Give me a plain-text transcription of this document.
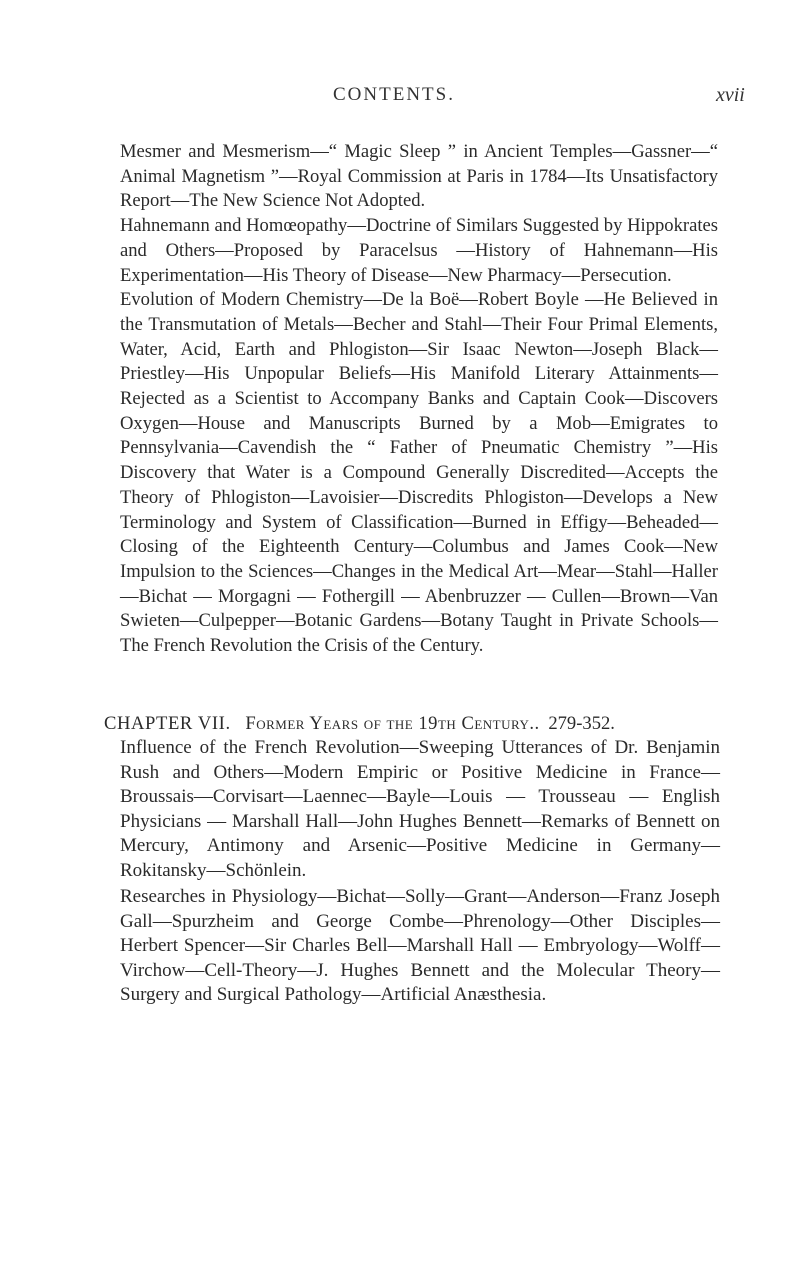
CONTENTS.	xvii

Mesmer and Mesmerism—“ Magic Sleep ” in Ancient Temples—Gassner—“ Animal Magnetism ”—Royal Commission at Paris in 1784—Its Unsatisfactory Report—The New Science Not Adopted.

Hahnemann and Homœopathy—Doctrine of Similars Suggested by Hippokrates and Others—Proposed by Paracelsus —History of Hahnemann—His Experimentation—His Theory of Disease—New Pharmacy—Persecution.

Evolution of Modern Chemistry—De la Boë—Robert Boyle —He Believed in the Transmutation of Metals—Becher and Stahl—Their Four Primal Elements, Water, Acid, Earth and Phlogiston—Sir Isaac Newton—Joseph Black—Priestley—His Unpopular Beliefs—His Manifold Literary Attainments—Rejected as a Scientist to Accompany Banks and Captain Cook—Discovers Oxygen—House and Manuscripts Burned by a Mob—Emigrates to Pennsylvania—Cavendish the “ Father of Pneumatic Chemistry ”—His Discovery that Water is a Compound Generally Discredited—Accepts the Theory of Phlogiston—Lavoisier—Discredits Phlogiston—Develops a New Terminology and System of Classification—Burned in Effigy—Beheaded—Closing of the Eighteenth Century—Columbus and James Cook—New Impulsion to the Sciences—Changes in the Medical Art—Mear—Stahl—Haller —Bichat — Morgagni — Fothergill — Abenbruzzer — Cullen—Brown—Van Swieten—Culpepper—Botanic Gardens—Botany Taught in Private Schools—The French Revolution the Crisis of the Century.

CHAPTER VII. Former Years of the 19th Century.. 279-352.

Influence of the French Revolution—Sweeping Utterances of Dr. Benjamin Rush and Others—Modern Empiric or Positive Medicine in France—Broussais—Corvisart—Laennec—Bayle—Louis — Trousseau — English Physicians — Marshall Hall—John Hughes Bennett—Remarks of Bennett on Mercury, Antimony and Arsenic—Positive Medicine in Germany—Rokitansky—Schönlein.

Researches in Physiology—Bichat—Solly—Grant—Anderson—Franz Joseph Gall—Spurzheim and George Combe—Phrenology—Other Disciples—Herbert Spencer—Sir Charles Bell—Marshall Hall — Embryology—Wolff—Virchow—Cell-Theory—J. Hughes Bennett and the Molecular Theory—Surgery and Surgical Pathology—Artificial Anæsthesia.
